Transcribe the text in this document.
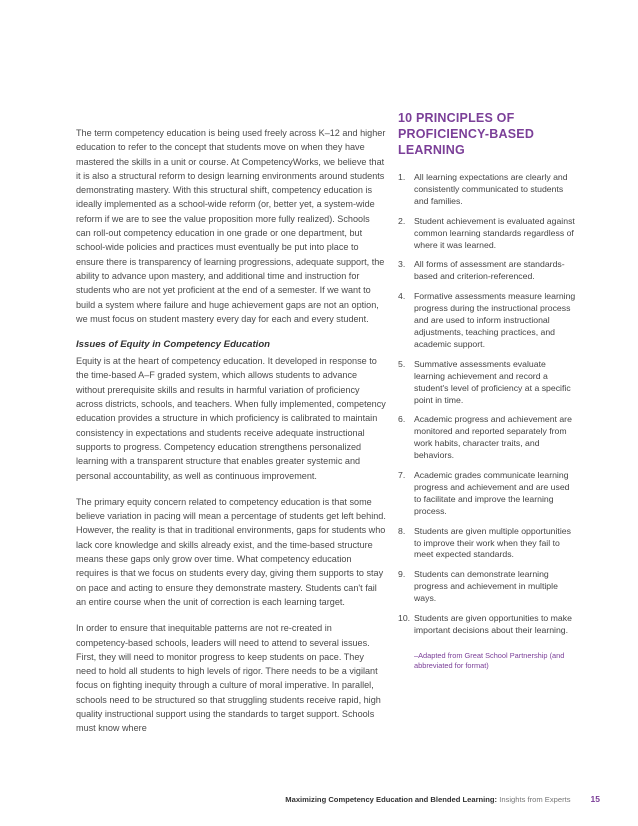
The term competency education is being used freely across K–12 and higher education to refer to the concept that students move on when they have mastered the skills in a unit or course. At CompetencyWorks, we believe that it is also a structural reform to design learning environments around students demonstrating mastery. With this structural shift, competency education is ideally implemented as a school-wide reform (or, better yet, a system-wide reform if we are to see the value proposition more fully realized). Schools can roll-out competency education in one grade or one department, but school-wide policies and practices must eventually be put into place to ensure there is transparency of learning progressions, adequate support, the ability to advance upon mastery, and additional time and instruction for students who are not yet proficient at the end of a semester. If we want to build a system where failure and huge achievement gaps are not an option, we must focus on student mastery every day for each and every student.

Issues of Equity in Competency Education

Equity is at the heart of competency education. It developed in response to the time-based A–F graded system, which allows students to advance without prerequisite skills and results in harmful variation of proficiency across districts, schools, and teachers. When fully implemented, competency education provides a structure in which proficiency is calibrated to maintain consistency in expectations and students receive adequate instructional supports to progress. Competency education strengthens personalized learning with a transparent structure that enables greater systemic and personal accountability, as well as continuous improvement.

The primary equity concern related to competency education is that some believe variation in pacing will mean a percentage of students get left behind. However, the reality is that in traditional environments, gaps for students who lack core knowledge and skills already exist, and the time-based structure means these gaps only grow over time. What competency education requires is that we focus on students every day, giving them supports to stay on pace and acting to ensure they demonstrate mastery. Students can't fail an entire course when the unit of correction is each learning target.

In order to ensure that inequitable patterns are not re-created in competency-based schools, leaders will need to attend to several issues. First, they will need to monitor progress to keep students on pace. They need to hold all students to high levels of rigor. There needs to be a vigilant focus on fighting inequity through a culture of moral imperative. In parallel, schools need to be structured so that struggling students receive rapid, high quality instructional support using the standards to target support. Schools must know where

10 PRINCIPLES OF
PROFICIENCY-BASED
LEARNING
1. All learning expectations are clearly and consistently communicated to students and families.
2. Student achievement is evaluated against common learning standards regardless of where it was learned.
3. All forms of assessment are standards-based and criterion-referenced.
4. Formative assessments measure learning progress during the instructional process and are used to inform instructional adjustments, teaching practices, and academic support.
5. Summative assessments evaluate learning achievement and record a student's level of proficiency at a specific point in time.
6. Academic progress and achievement are monitored and reported separately from work habits, character traits, and behaviors.
7. Academic grades communicate learning progress and achievement and are used to facilitate and improve the learning process.
8. Students are given multiple opportunities to improve their work when they fail to meet expected standards.
9. Students can demonstrate learning progress and achievement in multiple ways.
10. Students are given opportunities to make important decisions about their learning.
–Adapted from Great School Partnership (and abbreviated for format)
Maximizing Competency Education and Blended Learning: Insights from Experts 15
